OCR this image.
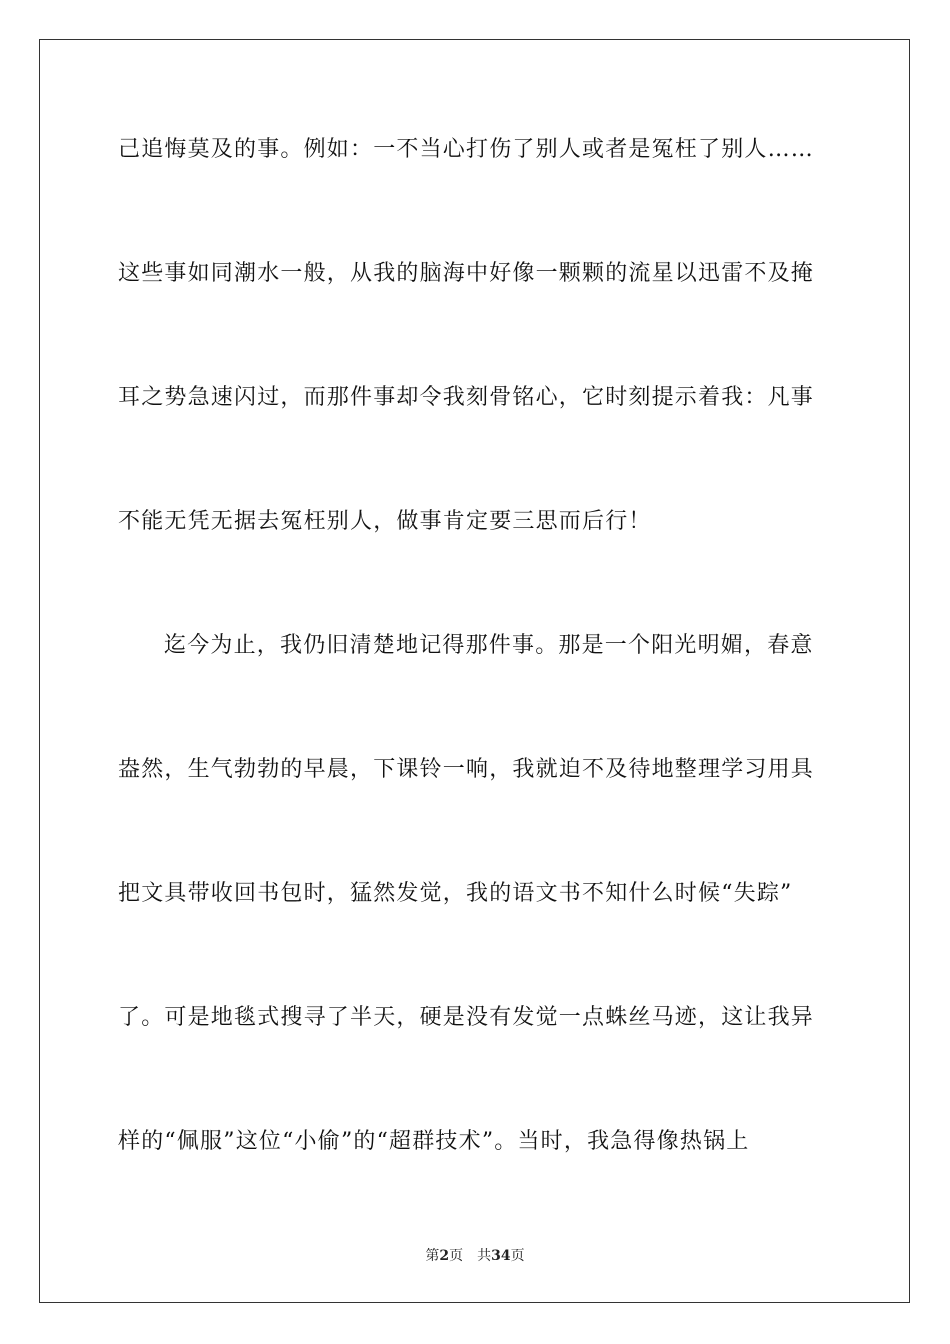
己追悔莫及的事。例如：一不当心打伤了别人或者是冤枉了别人……
这些事如同潮水一般，从我的脑海中好像一颗颗的流星以迅雷不及掩
耳之势急速闪过，而那件事却令我刻骨铭心，它时刻提示着我：凡事
不能无凭无据去冤枉别人，做事肯定要三思而后行！
迄今为止，我仍旧清楚地记得那件事。那是一个阳光明媚，春意
盎然，生气勃勃的早晨，下课铃一响，我就迫不及待地整理学习用具
把文具带收回书包时，猛然发觉，我的语文书不知什么时候“失踪”
了。可是地毯式搜寻了半天，硬是没有发觉一点蛛丝马迹，这让我异
样的“佩服”这位“小偷”的“超群技术”。当时，我急得像热锅上
第2页 共34页
